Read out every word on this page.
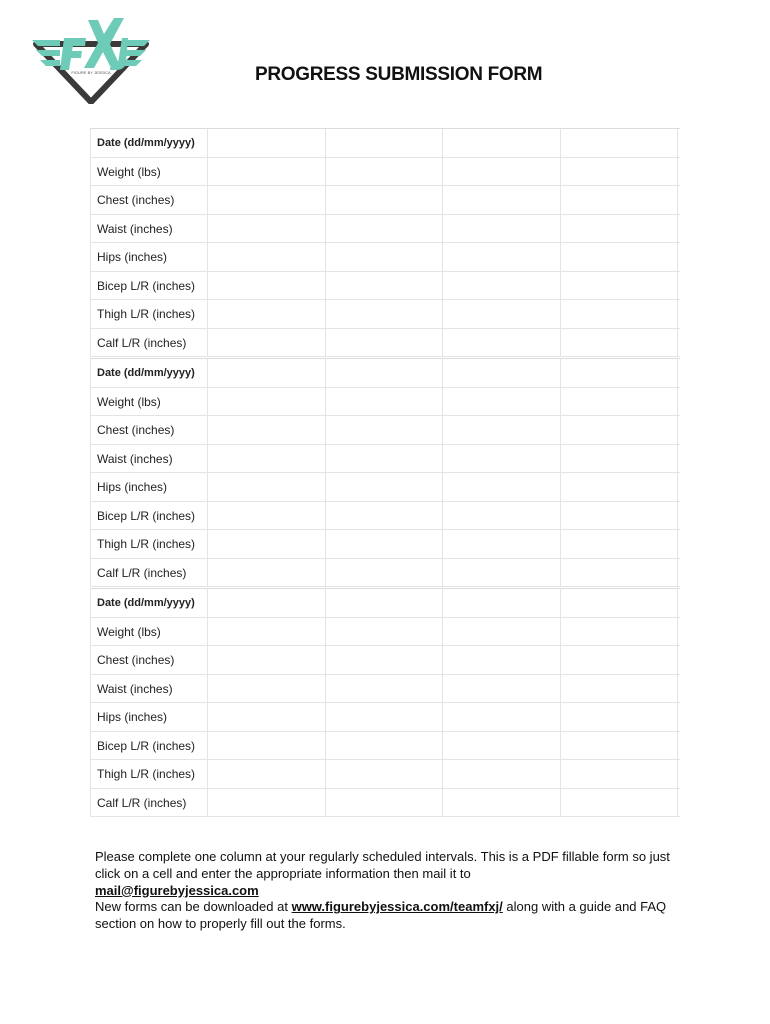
FIGURE BY JESSICA	PROGRESS SUBMISSION FORM
Date (dd/mm/yyyy)
Weight (lbs)
Chest (inches)
Waist (inches)
Hips (inches)
Bicep L/R (inches)
Thigh L/R (inches)
Calf L/R (inches)
Date (dd/mm/yyyy)
Weight (lbs)
Chest (inches)
Waist (inches)
Hips (inches)
Bicep L/R (inches)
Thigh L/R (inches)
Calf L/R (inches)
Date (dd/mm/yyyy)
Weight (lbs)
Chest (inches)
Waist (inches)
Hips (inches)
Bicep L/R (inches)
Thigh L/R (inches)
Calf L/R (inches)
Please complete one column at your regularly scheduled intervals. This is a PDF fillable form so just click on a cell and enter the appropriate information then mail it to
mail@figurebyjessica.com
New forms can be downloaded at www.figurebyjessica.com/teamfxj/ along with a guide and FAQ section on how to properly fill out the forms.
